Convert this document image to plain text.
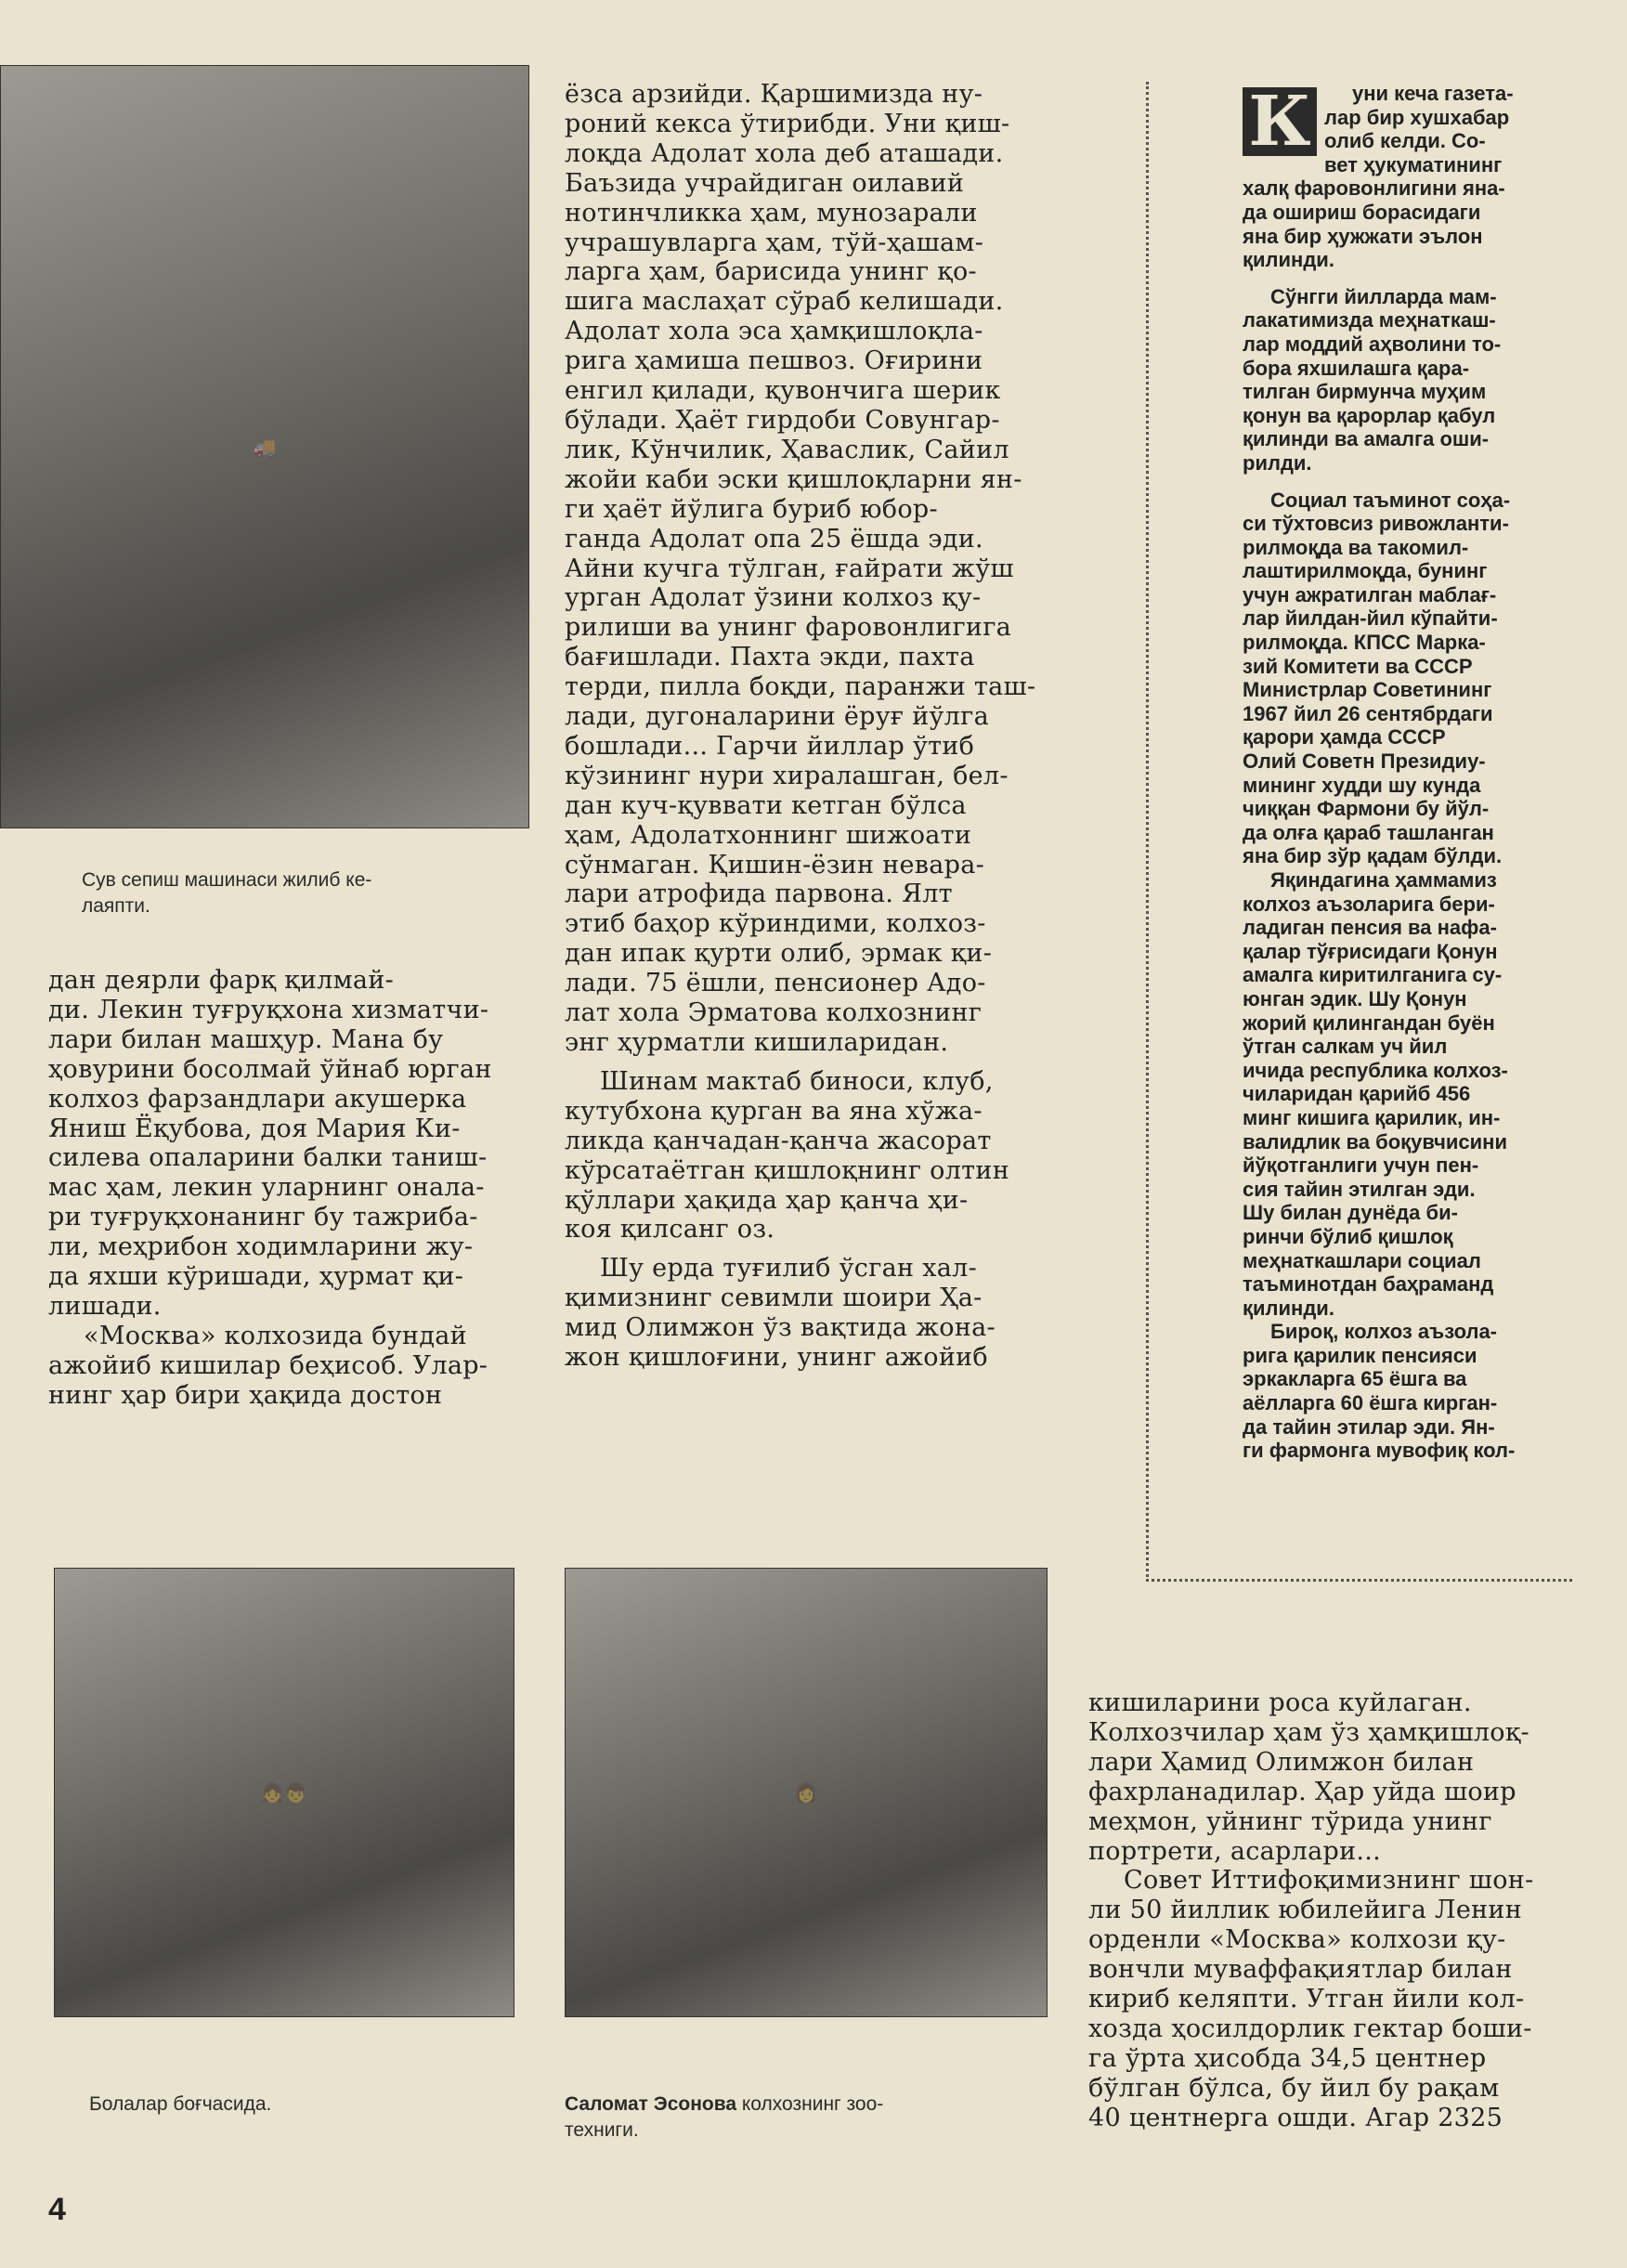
🚚
Сув сепиш машинаси жилиб ке-
лаяпти.
👧👦
Болалар боғчасида.
👩
Саломат Эсонова колхознинг зоо-
техниги.

дан деярли фарқ қилмай-
ди. Лекин туғруқхона хизматчи-
лари билан машҳур. Мана бу
ҳовурини босолмай ўйнаб юрган
колхоз фарзандлари акушерка
Яниш Ёқубова, доя Мария Ки-
силева опаларини балки таниш-
мас ҳам, лекин уларнинг онала-
ри туғруқхонанинг бу тажриба-
ли, меҳрибон ходимларини жу-
да яхши кўришади, ҳурмат қи-
лишади.

«Москва» колхозида бундай
ажойиб кишилар беҳисоб. Улар-
нинг ҳар бири ҳақида достон

ёзса арзийди. Қаршимизда ну-
роний кекса ўтирибди. Уни қиш-
лоқда Адолат хола деб аташади.
Баъзида учрайдиган оилавий
нотинчликка ҳам, мунозарали
учрашувларга ҳам, тўй-ҳашам-
ларга ҳам, барисида унинг қо-
шига маслаҳат сўраб келишади.
Адолат хола эса ҳамқишлоқла-
рига ҳамиша пешвоз. Оғирини
енгил қилади, қувончига шерик
бўлади. Ҳаёт гирдоби Совунгар-
лик, Кўнчилик, Ҳаваслик, Сайил
жойи каби эски қишлоқларни ян-
ги ҳаёт йўлига буриб юбор-
ганда Адолат опа 25 ёшда эди.
Айни кучга тўлган, ғайрати жўш
урган Адолат ўзини колхоз қу-
рилиши ва унинг фаровонлигига
бағишлади. Пахта экди, пахта
терди, пилла боқди, паранжи таш-
лади, дугоналарини ёруғ йўлга
бошлади... Гарчи йиллар ўтиб
кўзининг нури хиралашган, бел-
дан куч-қуввати кетган бўлса
ҳам, Адолатхоннинг шижоати
сўнмаган. Қишин-ёзин невара-
лари атрофида парвона. Ялт
этиб баҳор кўриндими, колхоз-
дан ипак қурти олиб, эрмак қи-
лади. 75 ёшли, пенсионер Адо-
лат хола Эрматова колхознинг
энг ҳурматли кишиларидан.

Шинам мактаб биноси, клуб,
кутубхона қурган ва яна хўжа-
ликда қанчадан-қанча жасорат
кўрсатаётган қишлоқнинг олтин
қўллари ҳақида ҳар қанча ҳи-
коя қилсанг оз.

Шу ерда туғилиб ўсган хал-
қимизнинг севимли шоири Ҳа-
мид Олимжон ўз вақтида жона-
жон қишлоғини, унинг ажойиб

К	уни кеча газета-
лар бир хушхабар
олиб келди. Со-
вет ҳукуматининг
халқ фаровонлигини яна-
да ошириш борасидаги
яна бир ҳужжати эълон
қилинди.

Сўнгги йилларда мам-
лакатимизда меҳнаткаш-
лар моддий аҳволини то-
бора яхшилашга қара-
тилган бирмунча муҳим
қонун ва қарорлар қабул
қилинди ва амалга оши-
рилди.

Социал таъминот соҳа-
си тўхтовсиз ривожланти-
рилмоқда ва такомил-
лаштирилмоқда, бунинг
учун ажратилган маблағ-
лар йилдан-йил кўпайти-
рилмоқда. КПСС Марка-
зий Комитети ва СССР
Министрлар Советининг
1967 йил 26 сентябрдаги
қарори ҳамда СССР
Олий Советн Президиу-
мининг худди шу кунда
чиққан Фармони бу йўл-
да олға қараб ташланган
яна бир зўр қадам бўлди.

Яқиндагина ҳаммамиз
колхоз аъзоларига бери-
ладиган пенсия ва нафа-
қалар тўғрисидаги Қонун
амалга киритилганига су-
юнган эдик. Шу Қонун
жорий қилингандан буён
ўтган салкам уч йил
ичида республика колхоз-
чиларидан қарийб 456
минг кишига қарилик, ин-
валидлик ва боқувчисини
йўқотганлиги учун пен-
сия тайин этилган эди.
Шу билан дунёда би-
ринчи бўлиб қишлоқ
меҳнаткашлари социал
таъминотдан баҳраманд
қилинди.

Бироқ, колхоз аъзола-
рига қарилик пенсияси
эркакларга 65 ёшга ва
аёлларга 60 ёшга кирган-
да тайин этилар эди. Ян-
ги фармонга мувофиқ кол-

кишиларини роса куйлаган.
Колхозчилар ҳам ўз ҳамқишлоқ-
лари Ҳамид Олимжон билан
фахрланадилар. Ҳар уйда шоир
меҳмон, уйнинг тўрида унинг
портрети, асарлари...

Совет Иттифоқимизнинг шон-
ли 50 йиллик юбилейига Ленин
орденли «Москва» колхози қу-
вончли муваффақиятлар билан
кириб келяпти. Утган йили кол-
хозда ҳосилдорлик гектар боши-
га ўрта ҳисобда 34,5 центнер
бўлган бўлса, бу йил бу рақам
40 центнерга ошди. Агар 2325

4
